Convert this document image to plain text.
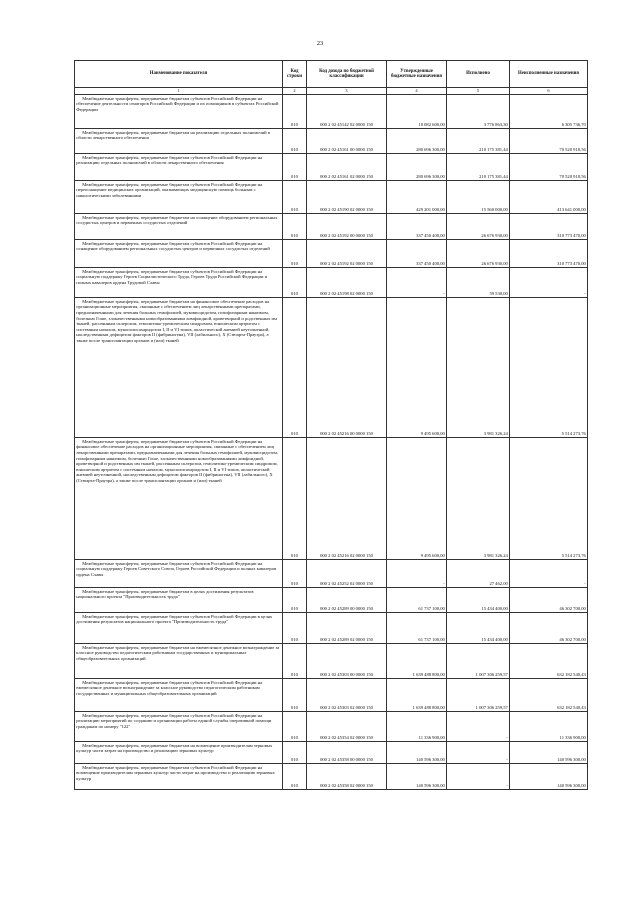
23
Наименование показателя	Код строки	Код дохода по бюджетной классификации	Утвержденные бюджетные назначения	Исполнено	Неисполненные назначения
1	2	3	4	5	6

Межбюджетные трансферты, передаваемые бюджетам субъектов Российской Федерации на обеспечение деятельности сенаторов Российской Федерации и их помощников в субъектах Российской Федерации	010	000 2 02 45142 02 0000 150	10 082 600,00	3 776 863,30	6 305 736,70

Межбюджетные трансферты, передаваемые бюджетам на реализацию отдельных полномочий в области лекарственного обеспечения	010	000 2 02 45161 00 0000 150	280 696 300,00	210 175 381,44	70 520 918,56

Межбюджетные трансферты, передаваемые бюджетам субъектов Российской Федерации на реализацию отдельных полномочий в области лекарственного обеспечения	010	000 2 02 45161 02 0000 150	280 696 300,00	210 175 381,44	70 520 918,56

Межбюджетные трансферты, передаваемые бюджетам субъектов Российской Федерации на переоснащение медицинских организаций, оказывающих медицинскую помощь больным с онкологическими заболеваниями	010	000 2 02 45190 02 0000 150	429 201 000,00	15 560 000,00	413 641 000,00

Межбюджетные трансферты, передаваемые бюджетам на оснащение оборудованием региональных сосудистых центров и первичных сосудистых отделений	010	000 2 02 45192 00 0000 150	337 450 400,00	26 676 930,00	310 773 470,00

Межбюджетные трансферты, передаваемые бюджетам субъектов Российской Федерации на оснащение оборудованием региональных сосудистых центров и первичных сосудистых отделений	010	000 2 02 45192 02 0000 150	337 450 400,00	26 676 930,00	310 773 470,00

Межбюджетные трансферты, передаваемые бюджетам субъектов Российской Федерации на социальную поддержку Героев Социалистического Труда, Героев Труда Российской Федерации и полных кавалеров ордена Трудовой Славы	010	000 2 02 45198 02 0000 150	-	59 530,00	-

Межбюджетные трансферты, передаваемые бюджетам на финансовое обеспечение расходов на организационные мероприятия, связанные с обеспечением лиц лекарственными препаратами, предназначенными для лечения больных гемофилией, муковисцидозом, гипофизарным нанизмом, болезнью Гоше, злокачественными новообразованиями лимфоидной, кроветворной и родственных им тканей, рассеянным склерозом, гемолитико-уремическим синдромом, юношеским артритом с системным началом, мукополисахаридозом I, II и VI типов, апластической анемией неуточненной, наследственным дефицитом факторов II (фибриногена), VII (лабильного), X (Стюарта-Прауэра), а также после трансплантации органов и (или) тканей	010	000 2 02 45216 00 0000 150	9 495 600,00	3 981 326,24	5 514 273,76

Межбюджетные трансферты, передаваемые бюджетам субъектов Российской Федерации на финансовое обеспечение расходов на организационные мероприятия, связанные с обеспечением лиц лекарственными препаратами, предназначенными для лечения больных гемофилией, муковисцидозом, гипофизарным нанизмом, болезнью Гоше, злокачественными новообразованиями лимфоидной, кроветворной и родственных им тканей, рассеянным склерозом, гемолитико-уремическим синдромом, юношеским артритом с системным началом, мукополисахаридозом I, II и VI типов, апластической анемией неуточненной, наследственным дефицитом факторов II (фибриногена), VII (лабильного), X (Стюарта-Прауэра), а также после трансплантации органов и (или) тканей	010	000 2 02 45216 02 0000 150	9 495 600,00	3 981 326,24	5 514 273,76

Межбюджетные трансферты, передаваемые бюджетам субъектов Российской Федерации на социальную поддержку Героев Советского Союза, Героев Российской Федерации и полных кавалеров ордена Славы	010	000 2 02 45252 02 0000 150	-	27 462,00	-

Межбюджетные трансферты, передаваемые бюджетам в целях достижения результатов национального проекта "Производительность труда"	010	000 2 02 45289 00 0000 150	61 737 100,00	15 434 400,00	46 302 700,00

Межбюджетные трансферты, передаваемые бюджетам субъектов Российской Федерации в целях достижения результатов национального проекта "Производительность труда"	010	000 2 02 45289 02 0000 150	61 737 100,00	15 434 400,00	46 302 700,00

Межбюджетные трансферты, передаваемые бюджетам на ежемесячное денежное вознаграждение за классное руководство педагогическим работникам государственных и муниципальных общеобразовательных организаций	010	000 2 02 45303 00 0000 150	1 639 488 800,00	1 007 306 259,57	632 182 540,43

Межбюджетные трансферты, передаваемые бюджетам субъектов Российской Федерации на ежемесячное денежное вознаграждение за классное руководство педагогическим работникам государственных и муниципальных общеобразовательных организаций	010	000 2 02 45303 02 0000 150	1 639 488 800,00	1 007 306 259,57	632 182 540,43

Межбюджетные трансферты, передаваемые бюджетам субъектов Российской Федерации на реализацию мероприятий по созданию и организации работы единой службы оперативной помощи гражданам по номеру "122"	010	000 2 02 45354 02 0000 150	11 336 900,00	-	11 336 900,00

Межбюджетные трансферты, передаваемые бюджетам на возмещение производителям зерновых культур части затрат на производство и реализацию зерновых культур	010	000 2 02 45358 00 0000 150	140 596 300,00	-	140 596 300,00

Межбюджетные трансферты, передаваемые бюджетам субъектов Российской Федерации на возмещение производителям зерновых культур части затрат на производство и реализацию зерновых культур	010	000 2 02 45358 02 0000 150	140 596 300,00	-	140 596 300,00
